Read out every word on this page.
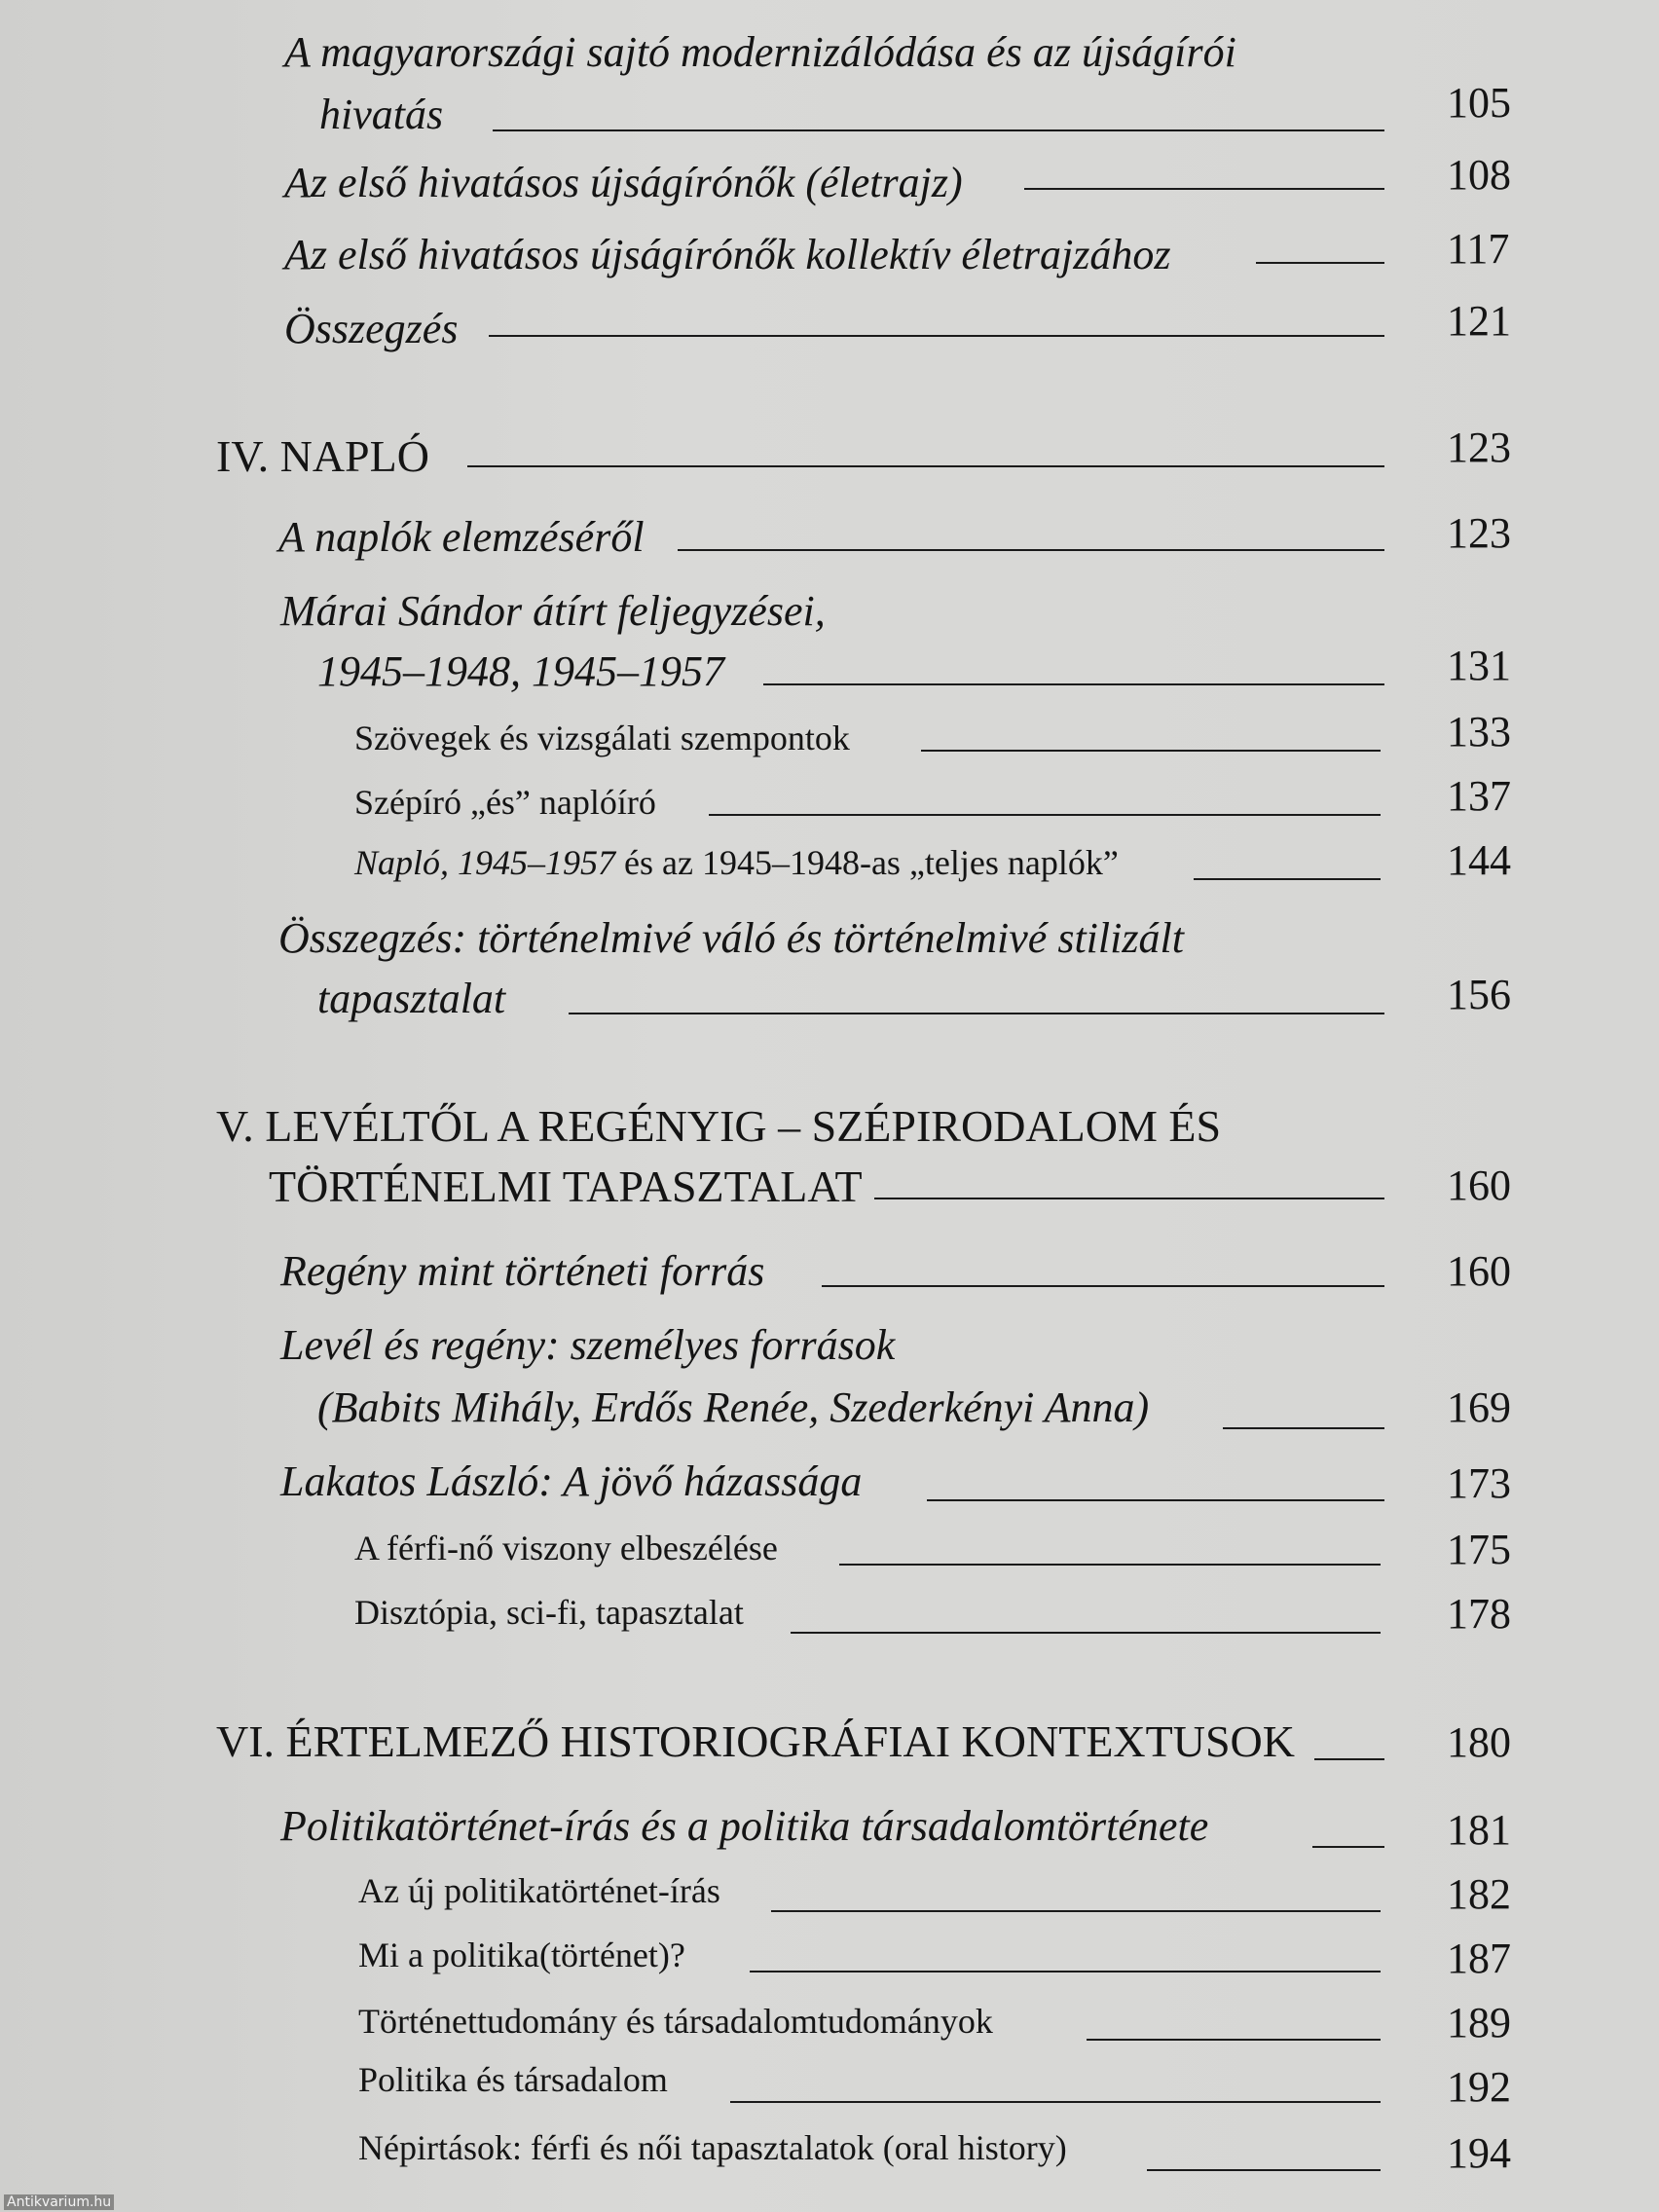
A magyarországi sajtó modernizálódása és az újságírói
hivatás	105
Az első hivatásos újságírónők (életrajz)	108
Az első hivatásos újságírónők kollektív életrajzához	117
Összegzés	121
IV. NAPLÓ	123
A naplók elemzéséről	123
Márai Sándor átírt feljegyzései,
1945–1948, 1945–1957	131
Szövegek és vizsgálati szempontok	133
Szépíró „és” naplóíró	137
Napló, 1945–1957 és az 1945–1948-as „teljes naplók”	144
Összegzés: történelmivé váló és történelmivé stilizált
tapasztalat	156
V. LEVÉLTŐL A REGÉNYIG – SZÉPIRODALOM ÉS
TÖRTÉNELMI TAPASZTALAT	160
Regény mint történeti forrás	160
Levél és regény: személyes források
(Babits Mihály, Erdős Renée, Szederkényi Anna)	169
Lakatos László: A jövő házassága	173
A férfi-nő viszony elbeszélése	175
Disztópia, sci-fi, tapasztalat	178
VI. ÉRTELMEZŐ HISTORIOGRÁFIAI KONTEXTUSOK	180
Politikatörténet-írás és a politika társadalomtörténete	181
Az új politikatörténet-írás	182
Mi a politika(történet)?	187
Történettudomány és társadalomtudományok	189
Politika és társadalom	192
Népirtások: férfi és női tapasztalatok (oral history)	194
Antikvarium.hu
